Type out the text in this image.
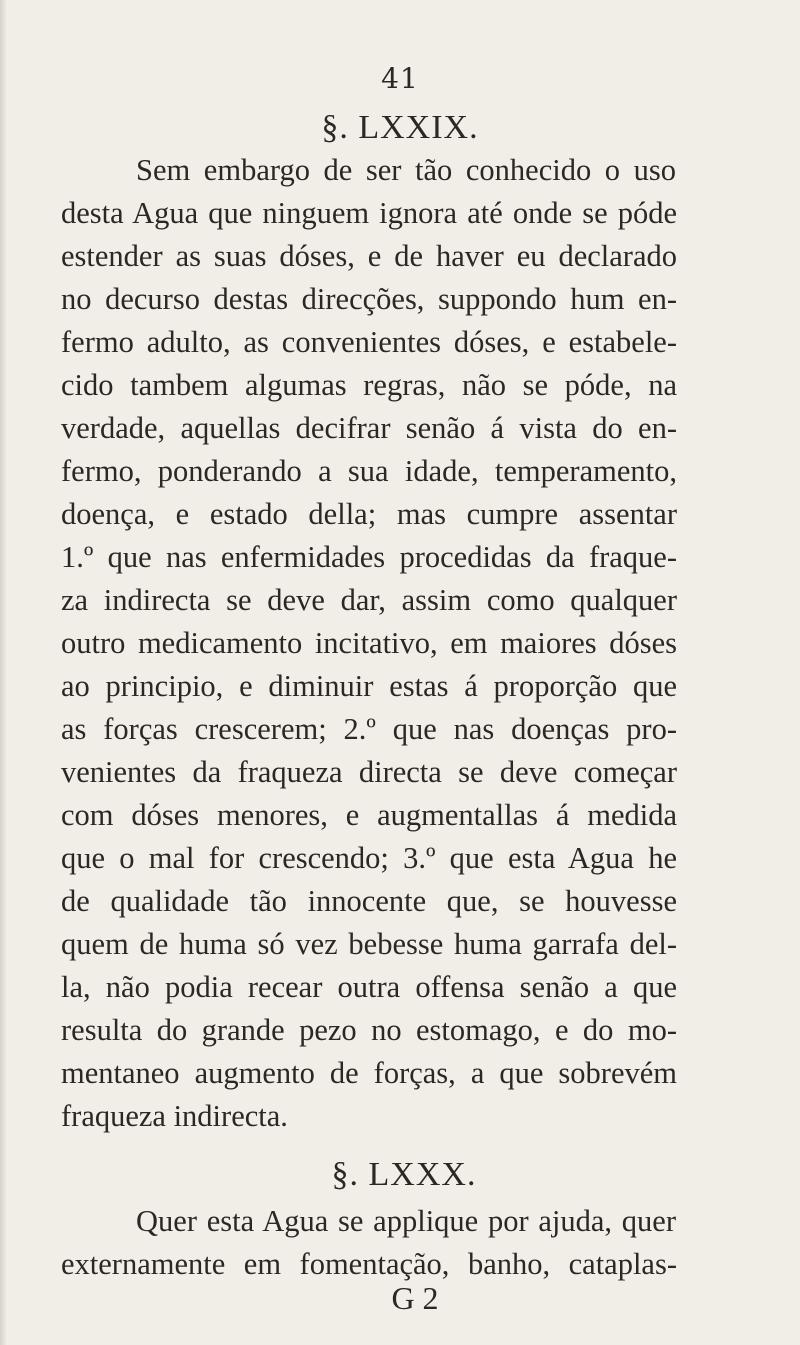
41
§. LXXIX.
Sem embargo de ser tão conhecido o uso
desta Agua que ninguem ignora até onde se póde
estender as suas dóses, e de haver eu declarado
no decurso destas direcções, suppondo hum en-
fermo adulto, as convenientes dóses, e estabele-
cido tambem algumas regras, não se póde, na
verdade, aquellas decifrar senão á vista do en-
fermo, ponderando a sua idade, temperamento,
doença, e estado della; mas cumpre assentar
1.º que nas enfermidades procedidas da fraque-
za indirecta se deve dar, assim como qualquer
outro medicamento incitativo, em maiores dóses
ao principio, e diminuir estas á proporção que
as forças crescerem; 2.º que nas doenças pro-
venientes da fraqueza directa se deve começar
com dóses menores, e augmentallas á medida
que o mal for crescendo; 3.º que esta Agua he
de qualidade tão innocente que, se houvesse
quem de huma só vez bebesse huma garrafa del-
la, não podia recear outra offensa senão a que
resulta do grande pezo no estomago, e do mo-
mentaneo augmento de forças, a que sobrevém
fraqueza indirecta.
§. LXXX.
Quer esta Agua se applique por ajuda, quer
externamente em fomentação, banho, cataplas-
G 2
